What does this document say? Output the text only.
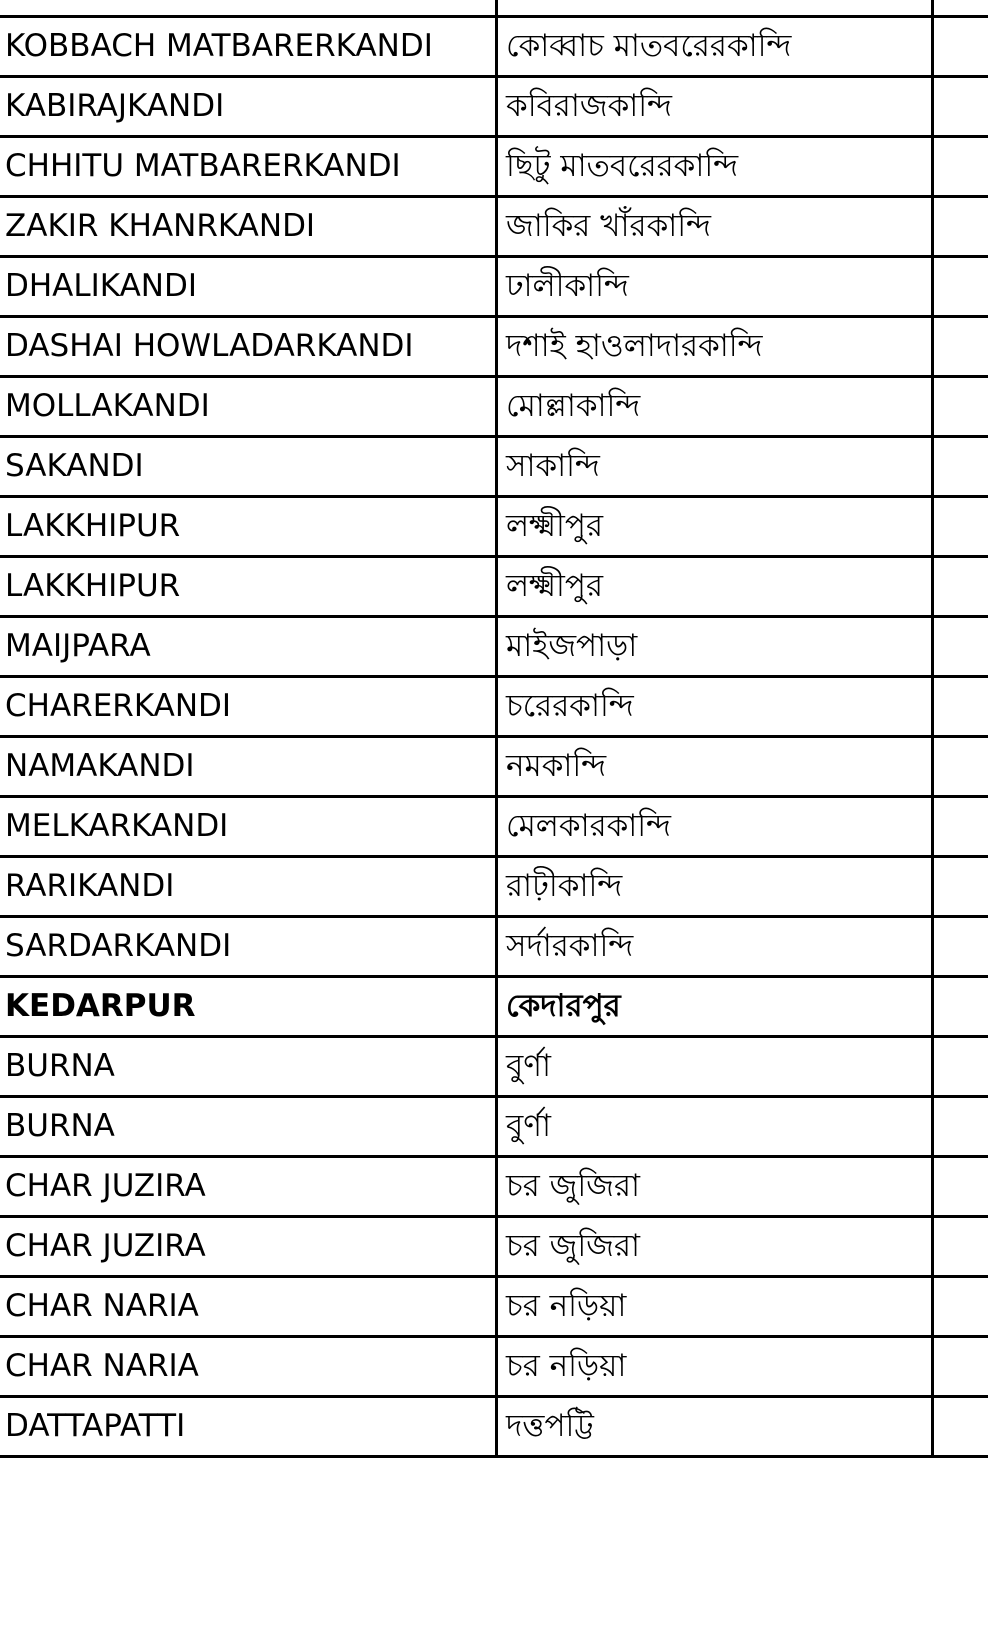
	KOBBACH MATBARERKANDI	কোব্বাচ মাতবরেরকান্দি	
	KABIRAJKANDI	কবিরাজকান্দি	
	CHHITU MATBARERKANDI	ছিটু মাতবরেরকান্দি	
	ZAKIR KHANRKANDI	জাকির খাঁরকান্দি	
	DHALIKANDI	ঢালীকান্দি	
	DASHAI HOWLADARKANDI	দশাই হাওলাদারকান্দি	
	MOLLAKANDI	মোল্লাকান্দি	
	SAKANDI	সাকান্দি	
	LAKKHIPUR	লক্ষ্মীপুর	
	LAKKHIPUR	লক্ষ্মীপুর	
	MAIJPARA	মাইজপাড়া	
	CHARERKANDI	চরেরকান্দি	
	NAMAKANDI	নমকান্দি	
	MELKARKANDI	মেলকারকান্দি	
	RARIKANDI	রাঢ়ীকান্দি	
	SARDARKANDI	সর্দারকান্দি	
	KEDARPUR	কেদারপুর	
	BURNA	বুর্ণা	
	BURNA	বুর্ণা	
	CHAR JUZIRA	চর জুজিরা	
	CHAR JUZIRA	চর জুজিরা	
	CHAR NARIA	চর নড়িয়া	
	CHAR NARIA	চর নড়িয়া	
	DATTAPATTI	দত্তপট্টি	
